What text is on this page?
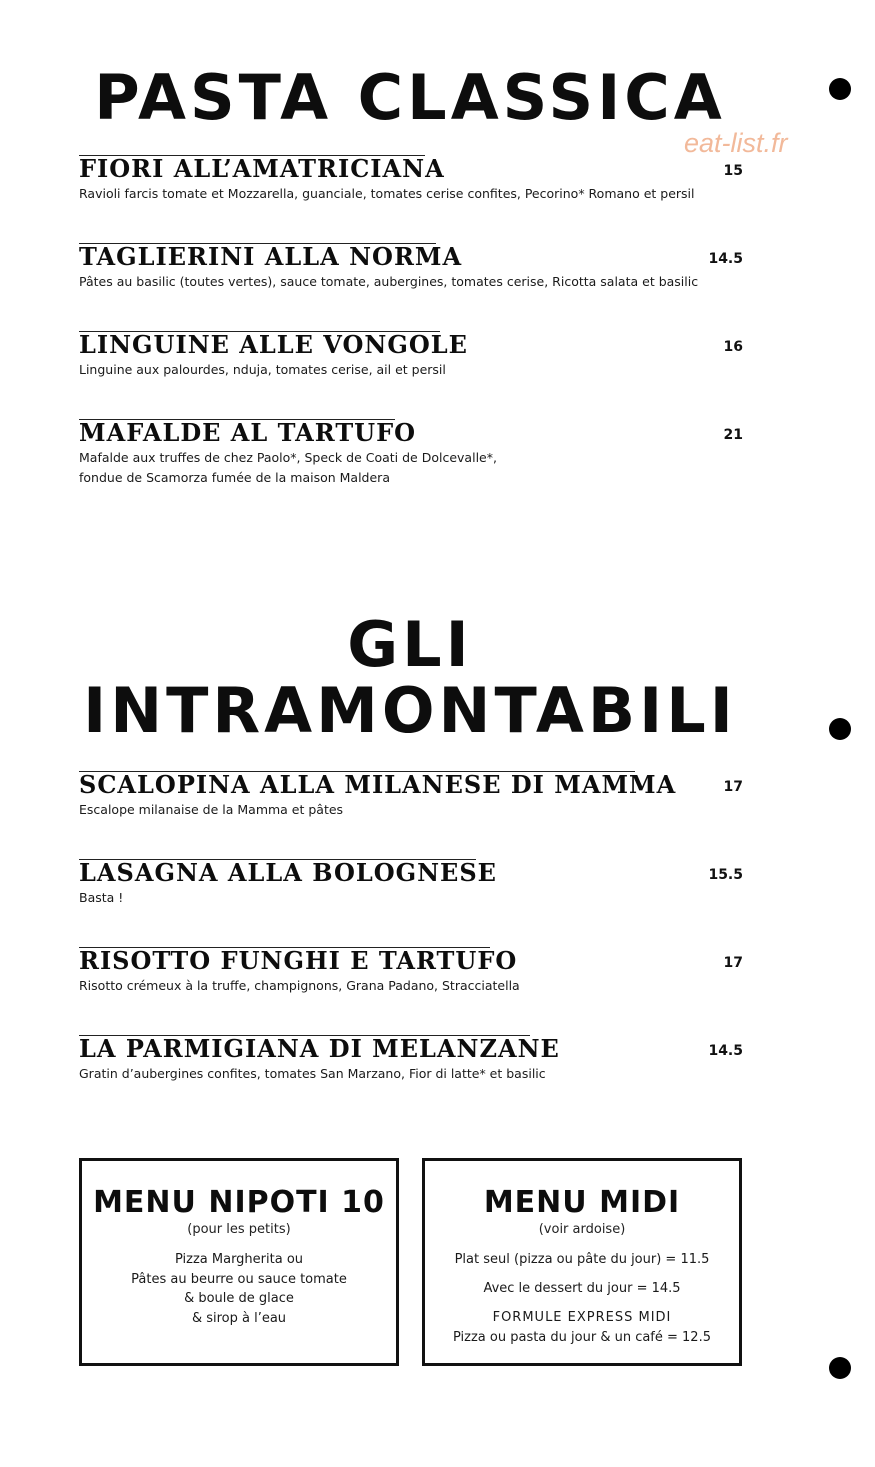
eat-list.fr
PASTA CLASSICA
FIORI ALL’AMATRICIANA	15
Ravioli farcis tomate et Mozzarella, guanciale, tomates cerise confites, Pecorino* Romano et persil
TAGLIERINI ALLA NORMA	14.5
Pâtes au basilic (toutes vertes), sauce tomate, aubergines, tomates cerise, Ricotta salata et basilic
LINGUINE ALLE VONGOLE	16
Linguine aux palourdes, nduja, tomates cerise, ail et persil
MAFALDE AL TARTUFO	21
Mafalde aux truffes de chez Paolo*, Speck de Coati de Dolcevalle*,
fondue de Scamorza fumée de la maison Maldera
GLI
INTRAMONTABILI
SCALOPINA ALLA MILANESE DI MAMMA	17
Escalope milanaise de la Mamma et pâtes
LASAGNA ALLA BOLOGNESE	15.5
Basta !
RISOTTO FUNGHI E TARTUFO	17
Risotto crémeux à la truffe, champignons, Grana Padano, Stracciatella
LA PARMIGIANA DI MELANZANE	14.5
Gratin d’aubergines confites, tomates San Marzano, Fior di latte* et basilic
MENU NIPOTI 10
(pour les petits)
Pizza Margherita ou
Pâtes au beurre ou sauce tomate
& boule de glace
& sirop à l’eau
MENU MIDI
(voir ardoise)
Plat seul (pizza ou pâte du jour) = 11.5
Avec le dessert du jour = 14.5
FORMULE EXPRESS MIDI
Pizza ou pasta du jour & un café = 12.5
